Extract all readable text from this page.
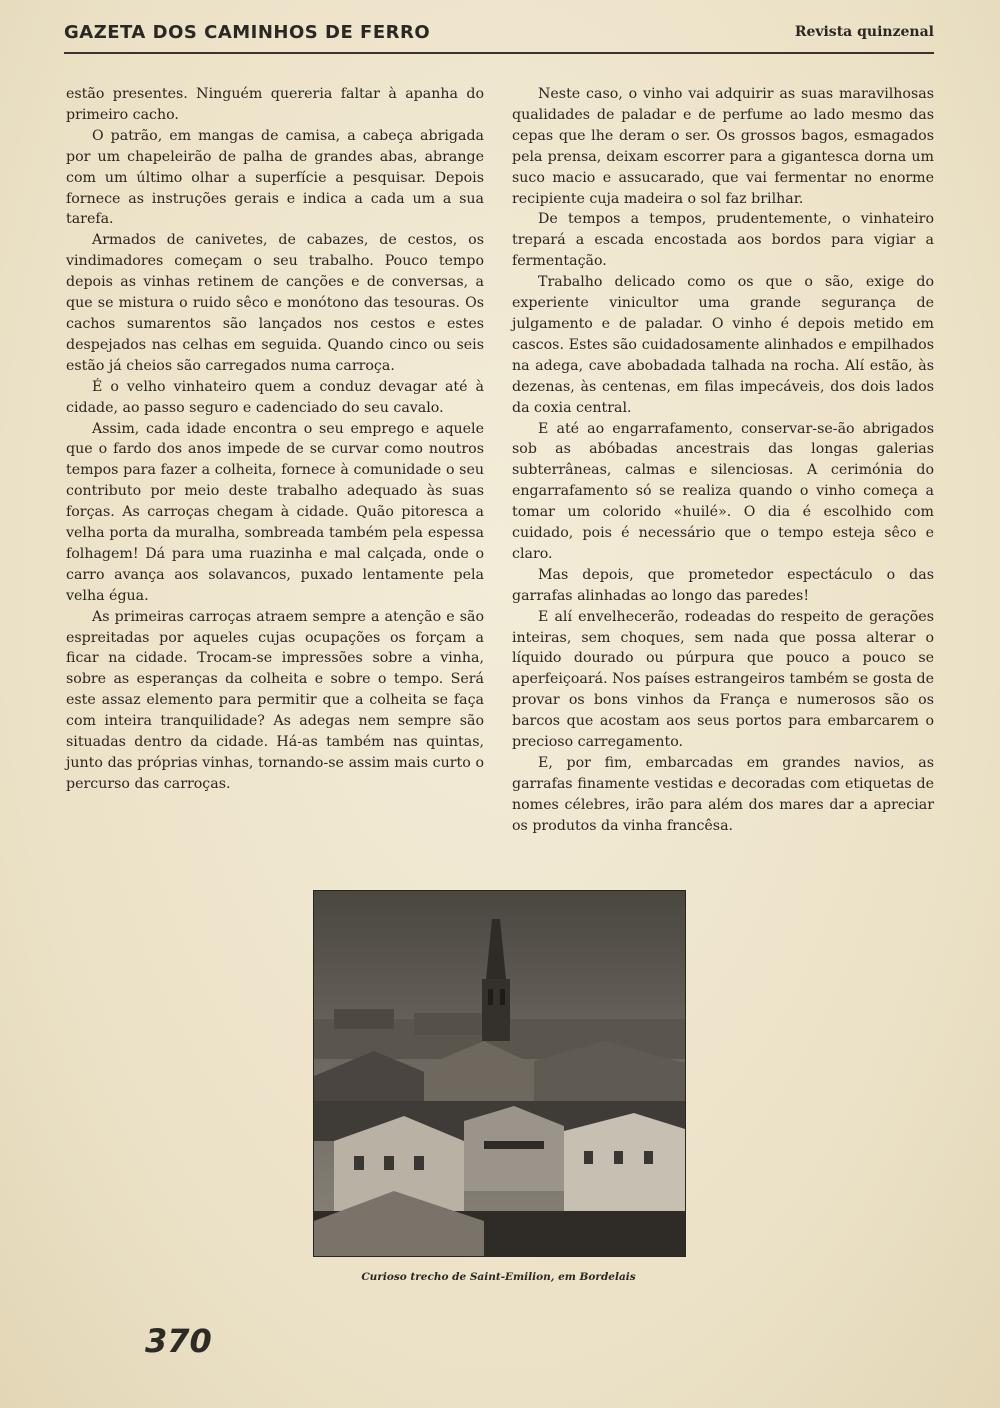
GAZETA DOS CAMINHOS DE FERRO	Revista quinzenal

estão presentes. Ninguém quereria faltar à apanha do primeiro cacho.

O patrão, em mangas de camisa, a cabeça abrigada por um chapeleirão de palha de grandes abas, abrange com um último olhar a superfície a pesquisar. Depois fornece as instruções gerais e indica a cada um a sua tarefa.

Armados de canivetes, de cabazes, de cestos, os vindimadores começam o seu trabalho. Pouco tempo depois as vinhas retinem de canções e de conversas, a que se mistura o ruido sêco e monótono das tesouras. Os cachos sumarentos são lançados nos cestos e estes despejados nas celhas em seguida. Quando cinco ou seis estão já cheios são carregados numa carroça.

É o velho vinhateiro quem a conduz devagar até à cidade, ao passo seguro e cadenciado do seu cavalo.

Assim, cada idade encontra o seu emprego e aquele que o fardo dos anos impede de se curvar como noutros tempos para fazer a colheita, fornece à comunidade o seu contributo por meio deste trabalho adequado às suas forças. As carroças chegam à cidade. Quão pitoresca a velha porta da muralha, sombreada também pela espessa folhagem! Dá para uma ruazinha e mal calçada, onde o carro avança aos solavancos, puxado lentamente pela velha égua.

As primeiras carroças atraem sempre a atenção e são espreitadas por aqueles cujas ocupações os forçam a ficar na cidade. Trocam-se impressões sobre a vinha, sobre as esperanças da colheita e sobre o tempo. Será este assaz elemento para permitir que a colheita se faça com inteira tranquilidade? As adegas nem sempre são situadas dentro da cidade. Há-as também nas quintas, junto das próprias vinhas, tornando-se assim mais curto o percurso das carroças.

Neste caso, o vinho vai adquirir as suas maravilhosas qualidades de paladar e de perfume ao lado mesmo das cepas que lhe deram o ser. Os grossos bagos, esmagados pela prensa, deixam escorrer para a gigantesca dorna um suco macio e assucarado, que vai fermentar no enorme recipiente cuja madeira o sol faz brilhar.

De tempos a tempos, prudentemente, o vinhateiro trepará a escada encostada aos bordos para vigiar a fermentação.

Trabalho delicado como os que o são, exige do experiente vinicultor uma grande segurança de julgamento e de paladar. O vinho é depois metido em cascos. Estes são cuidadosamente alinhados e empilhados na adega, cave abobadada talhada na rocha. Alí estão, às dezenas, às centenas, em filas impecáveis, dos dois lados da coxia central.

E até ao engarrafamento, conservar-se-ão abrigados sob as abóbadas ancestrais das longas galerias subterrâneas, calmas e silenciosas. A cerimónia do engarrafamento só se realiza quando o vinho começa a tomar um colorido «huilé». O dia é escolhido com cuidado, pois é necessário que o tempo esteja sêco e claro.

Mas depois, que prometedor espectáculo o das garrafas alinhadas ao longo das paredes!

E alí envelhecerão, rodeadas do respeito de gerações inteiras, sem choques, sem nada que possa alterar o líquido dourado ou púrpura que pouco a pouco se aperfeiçoará. Nos países estrangeiros também se gosta de provar os bons vinhos da França e numerosos são os barcos que acostam aos seus portos para embarcarem o precioso carregamento.

E, por fim, embarcadas em grandes navios, as garrafas finamente vestidas e decoradas com etiquetas de nomes célebres, irão para além dos mares dar a apreciar os produtos da vinha francêsa.

Curioso trecho de Saint-Emilion, em Bordelais
370
